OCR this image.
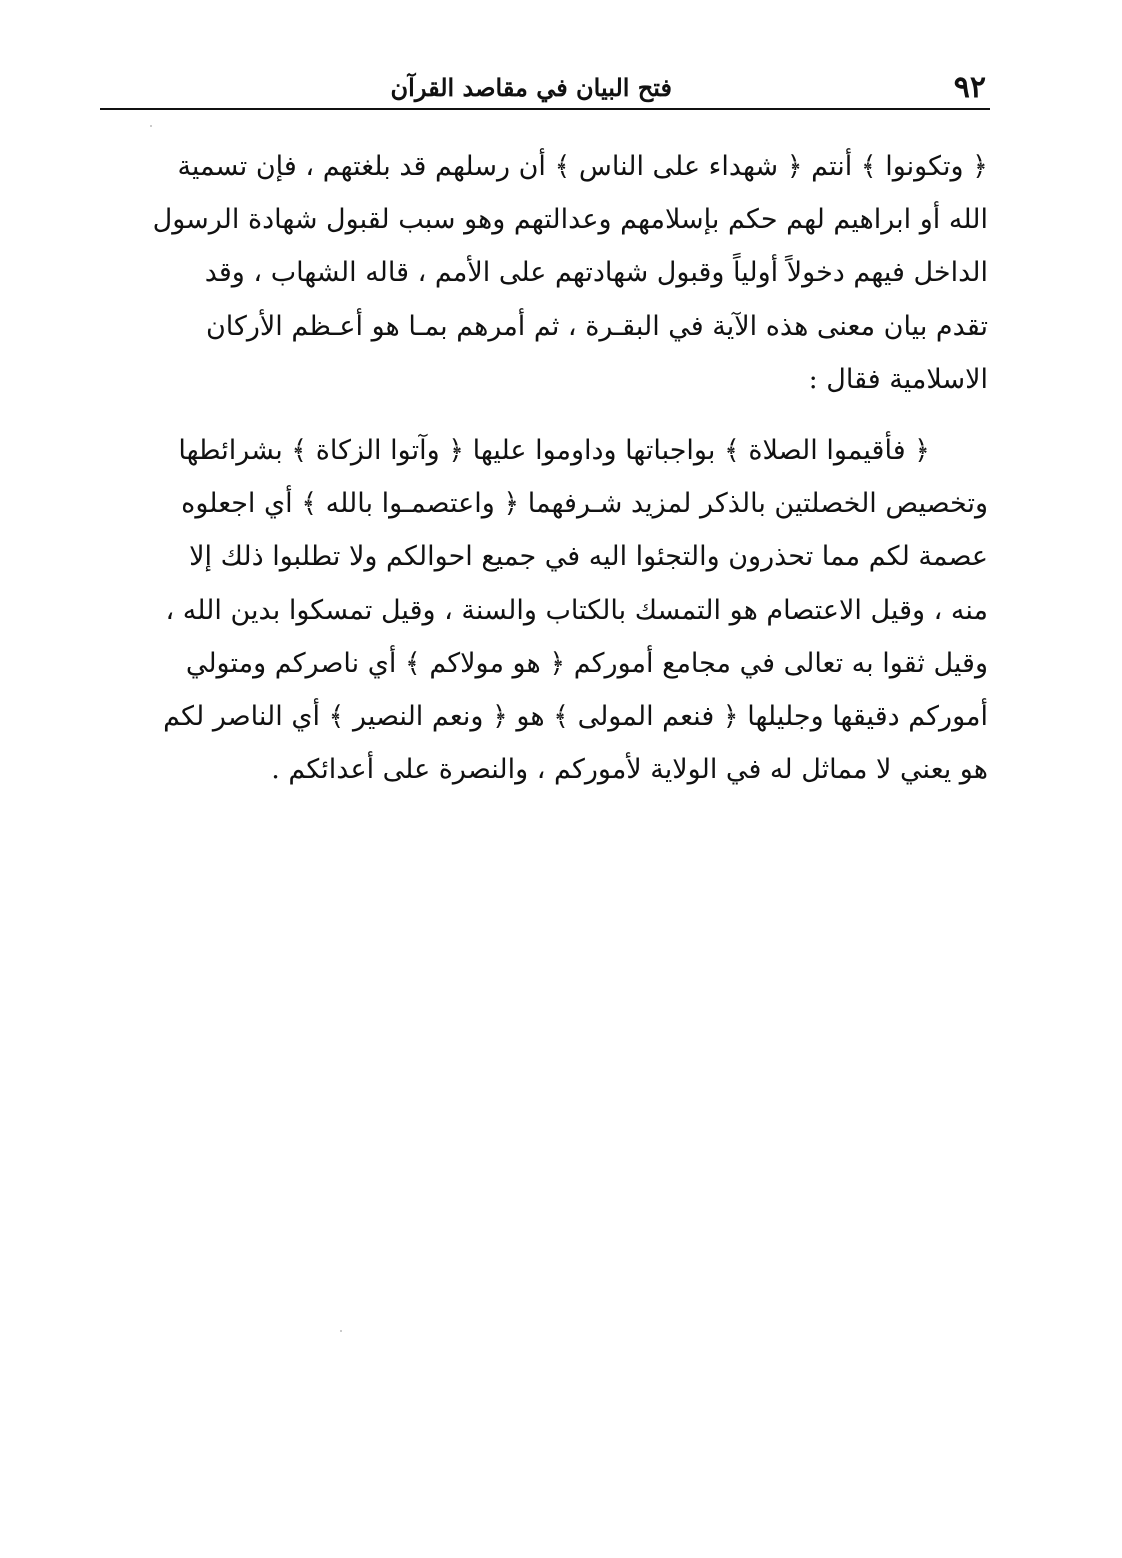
٩٢
فتح البيان في مقاصد القرآن

﴿ وتكونوا ﴾ أنتم ﴿ شهداء على الناس ﴾ أن رسلهم قد بلغتهم ، فإن تسمية
الله أو ابراهيم لهم حكم بإسلامهم وعدالتهم وهو سبب لقبول شهادة الرسول
الداخل فيهم دخولاً أولياً وقبول شهادتهم على الأمم ، قاله الشهاب ، وقد
تقدم بيان معنى هذه الآية في البقـرة ، ثم أمرهم بمـا هو أعـظم الأركان
الاسلامية فقال :

﴿ فأقيموا الصلاة ﴾ بواجباتها وداوموا عليها ﴿ وآتوا الزكاة ﴾ بشرائطها
وتخصيص الخصلتين بالذكر لمزيد شـرفهما ﴿ واعتصمـوا بالله ﴾ أي اجعلوه
عصمة لكم مما تحذرون والتجئوا اليه في جميع احوالكم ولا تطلبوا ذلك إلا
منه ، وقيل الاعتصام هو التمسك بالكتاب والسنة ، وقيل تمسكوا بدين الله ،
وقيل ثقوا به تعالى في مجامع أموركم ﴿ هو مولاكم ﴾ أي ناصركم ومتولي
أموركم دقيقها وجليلها ﴿ فنعم المولى ﴾ هو ﴿ ونعم النصير ﴾ أي الناصر لكم
هو يعني لا مماثل له في الولاية لأموركم ، والنصرة على أعدائكم .
